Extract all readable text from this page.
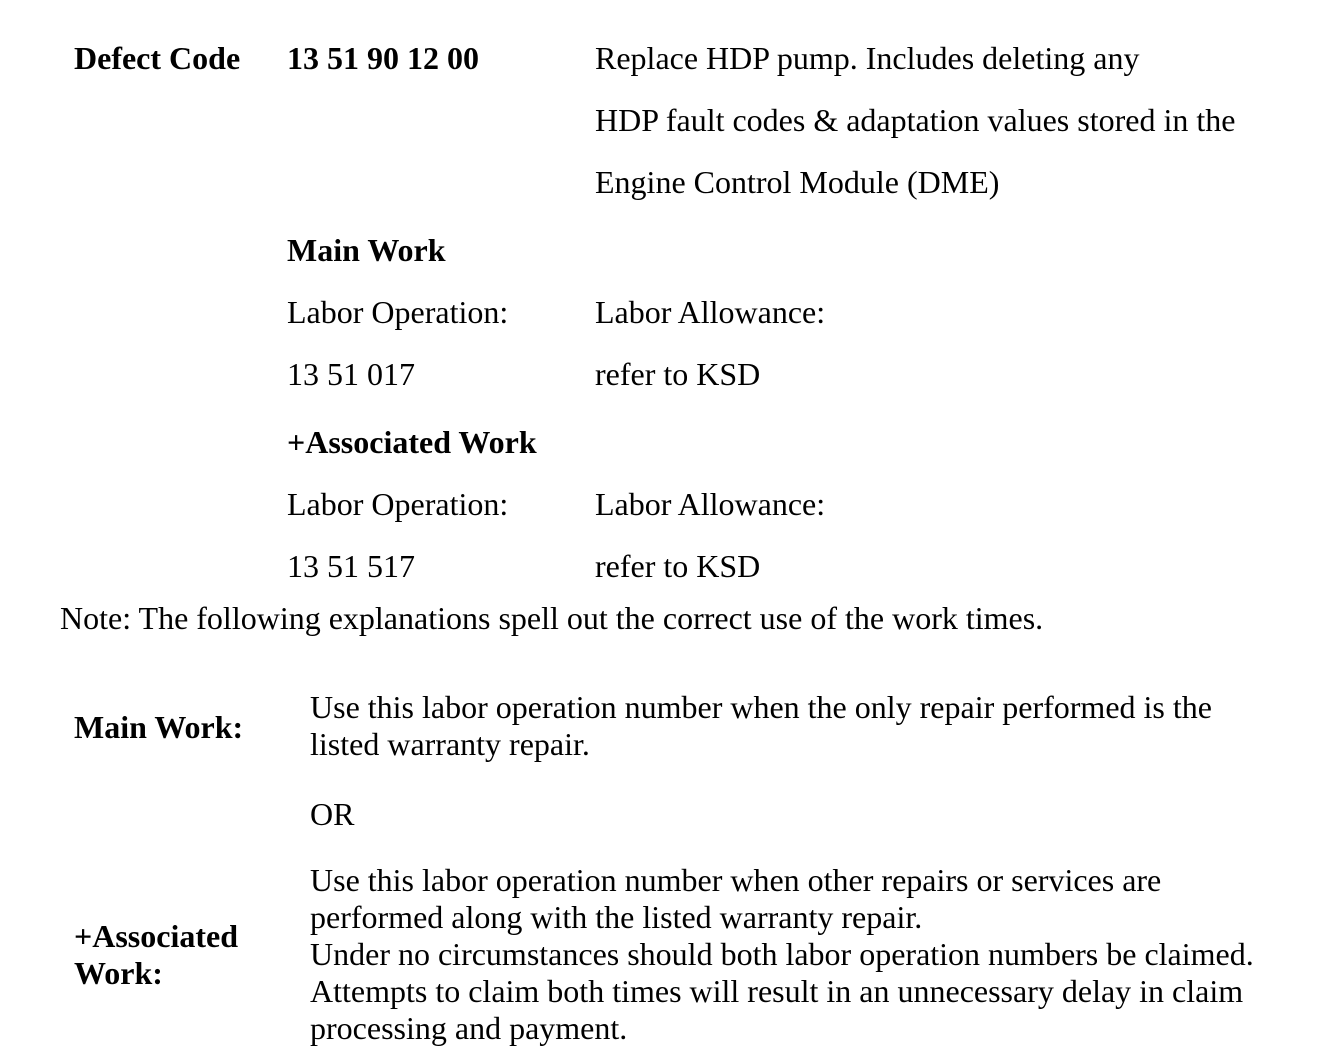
Defect Code 13 51 90 12 00	Replace HDP pump. Includes deleting any
HDP fault codes & adaptation values stored in the
Engine Control Module (DME)
Main Work
Labor Operation:	Labor Allowance:
13 51 017	refer to KSD
+Associated Work
Labor Operation:	Labor Allowance:
13 51 517	refer to KSD
Note: The following explanations spell out the correct use of the work times.
Main Work:
Use this labor operation number when the only repair performed is the
listed warranty repair.
OR
+Associated
Work:
Use this labor operation number when other repairs or services are
performed along with the listed warranty repair.
Under no circumstances should both labor operation numbers be claimed.
Attempts to claim both times will result in an unnecessary delay in claim
processing and payment.
